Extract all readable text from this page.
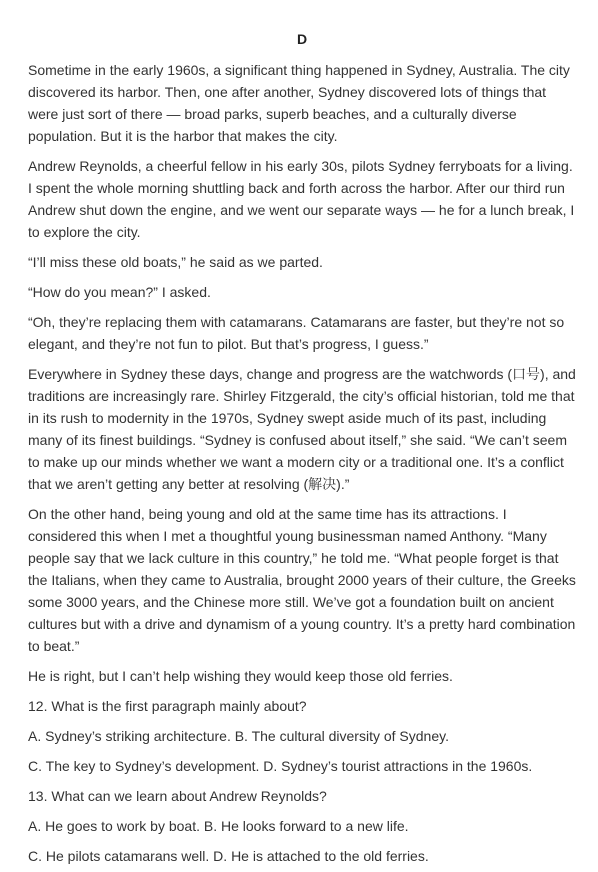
D

Sometime in the early 1960s, a significant thing happened in Sydney, Australia. The city discovered its harbor. Then, one after another, Sydney discovered lots of things that were just sort of there — broad parks, superb beaches, and a culturally diverse population. But it is the harbor that makes the city.

Andrew Reynolds, a cheerful fellow in his early 30s, pilots Sydney ferryboats for a living. I spent the whole morning shuttling back and forth across the harbor. After our third run Andrew shut down the engine, and we went our separate ways — he for a lunch break, I to explore the city.

“I’ll miss these old boats,” he said as we parted.

“How do you mean?” I asked.

“Oh, they’re replacing them with catamarans. Catamarans are faster, but they’re not so elegant, and they’re not fun to pilot. But that’s progress, I guess.”

Everywhere in Sydney these days, change and progress are the watchwords (口号), and traditions are increasingly rare. Shirley Fitzgerald, the city’s official historian, told me that in its rush to modernity in the 1970s, Sydney swept aside much of its past, including many of its finest buildings. “Sydney is confused about itself,” she said. “We can’t seem to make up our minds whether we want a modern city or a traditional one. It’s a conflict that we aren’t getting any better at resolving (解决).”

On the other hand, being young and old at the same time has its attractions. I considered this when I met a thoughtful young businessman named Anthony. “Many people say that we lack culture in this country,” he told me. “What people forget is that the Italians, when they came to Australia, brought 2000 years of their culture, the Greeks some 3000 years, and the Chinese more still. We’ve got a foundation built on ancient cultures but with a drive and dynamism of a young country. It’s a pretty hard combination to beat.”

He is right, but I can’t help wishing they would keep those old ferries.

12. What is the first paragraph mainly about?

A. Sydney’s striking architecture. B. The cultural diversity of Sydney.

C. The key to Sydney’s development. D. Sydney’s tourist attractions in the 1960s.

13. What can we learn about Andrew Reynolds?

A. He goes to work by boat. B. He looks forward to a new life.

C. He pilots catamarans well. D. He is attached to the old ferries.
